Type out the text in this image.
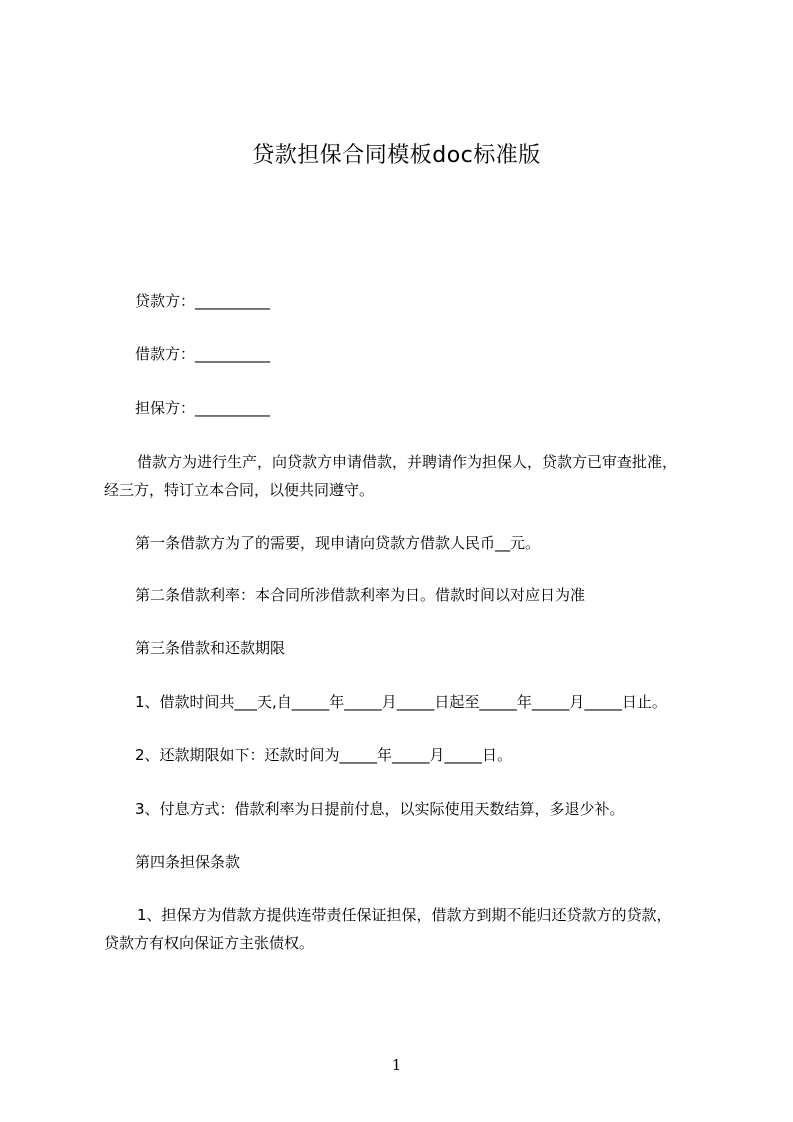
贷款担保合同模板doc标准版
贷款方：__________
借款方：__________
担保方：__________
借款方为进行生产，向贷款方申请借款，并聘请作为担保人，贷款方已审查批准，
经三方，特订立本合同，以便共同遵守。
第一条借款方为了的需要，现申请向贷款方借款人民币__元。
第二条借款利率：本合同所涉借款利率为日。借款时间以对应日为准
第三条借款和还款期限
1、借款时间共___天,自_____年_____月_____日起至_____年_____月_____日止。
2、还款期限如下：还款时间为_____年_____月_____日。
3、付息方式：借款利率为日提前付息，以实际使用天数结算，多退少补。
第四条担保条款
1、担保方为借款方提供连带责任保证担保，借款方到期不能归还贷款方的贷款，
贷款方有权向保证方主张债权。
1
